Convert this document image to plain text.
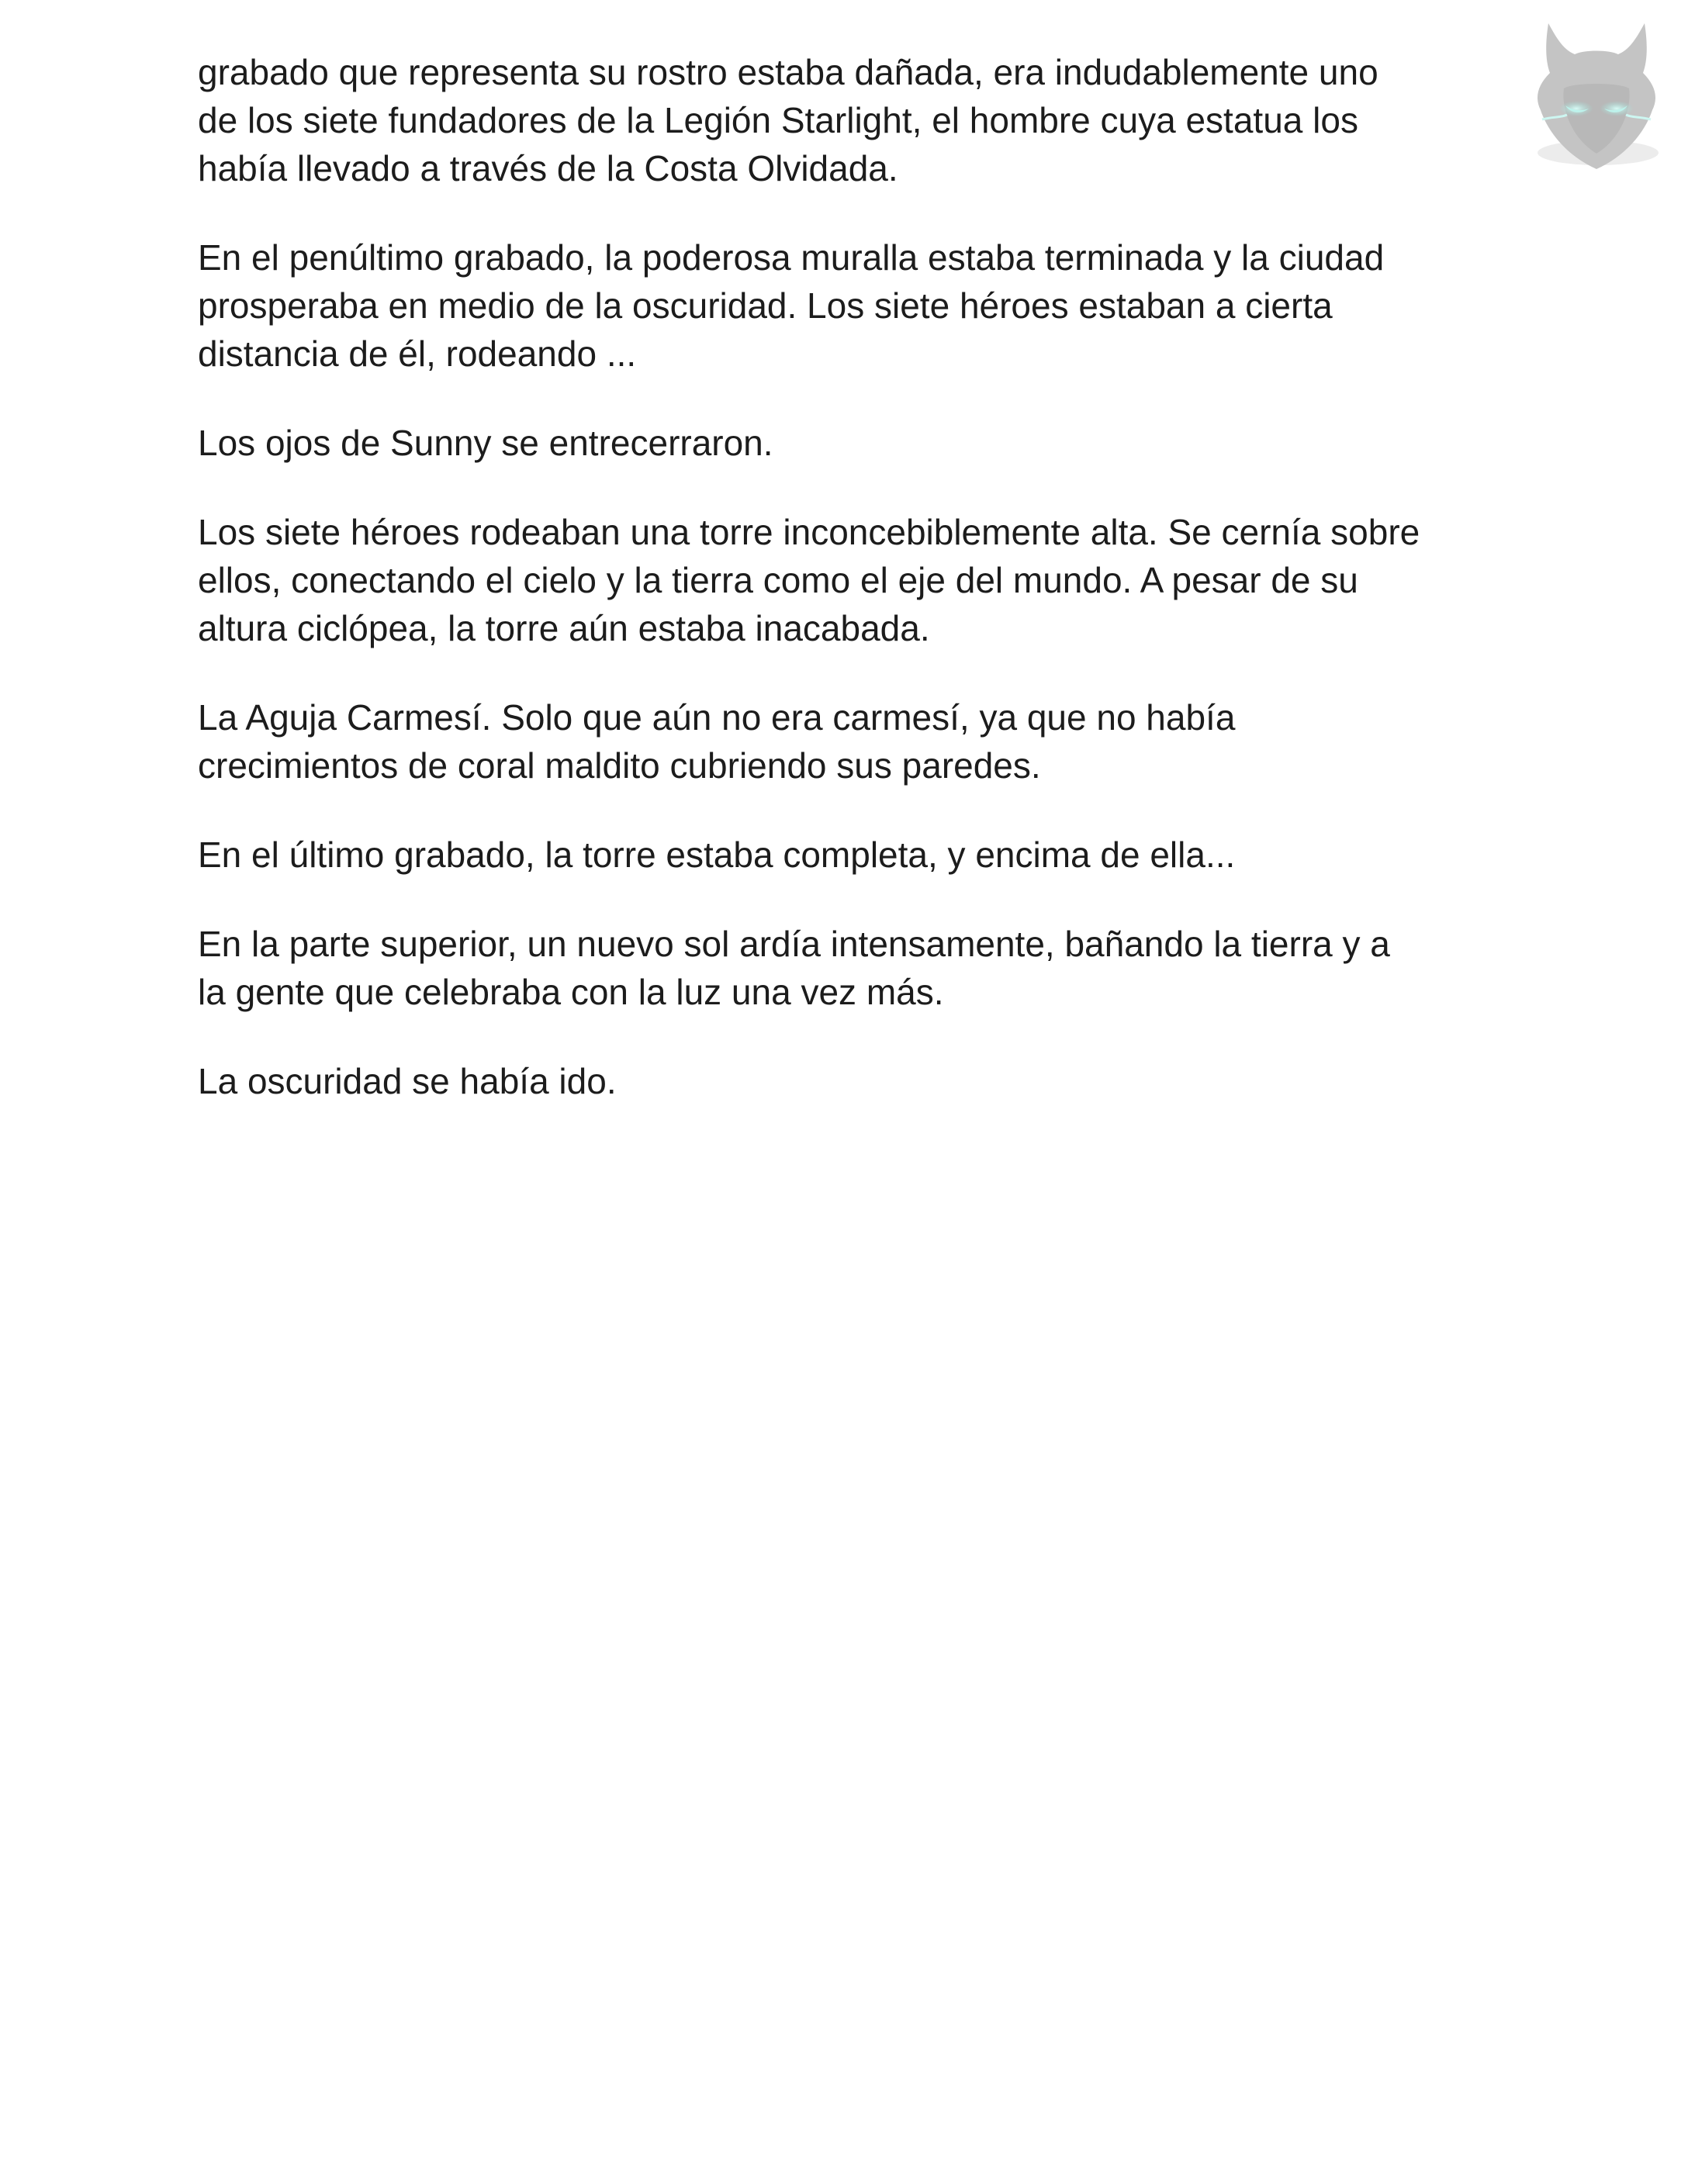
grabado que representa su rostro estaba dañada, era indudablemente uno
de los siete fundadores de la Legión Starlight, el hombre cuya estatua los
había llevado a través de la Costa Olvidada.

En el penúltimo grabado, la poderosa muralla estaba terminada y la ciudad
prosperaba en medio de la oscuridad. Los siete héroes estaban a cierta
distancia de él, rodeando ...

Los ojos de Sunny se entrecerraron.

Los siete héroes rodeaban una torre inconcebiblemente alta. Se cernía sobre
ellos, conectando el cielo y la tierra como el eje del mundo. A pesar de su
altura ciclópea, la torre aún estaba inacabada.

La Aguja Carmesí. Solo que aún no era carmesí, ya que no había
crecimientos de coral maldito cubriendo sus paredes.

En el último grabado, la torre estaba completa, y encima de ella...

En la parte superior, un nuevo sol ardía intensamente, bañando la tierra y a
la gente que celebraba con la luz una vez más.

La oscuridad se había ido.
